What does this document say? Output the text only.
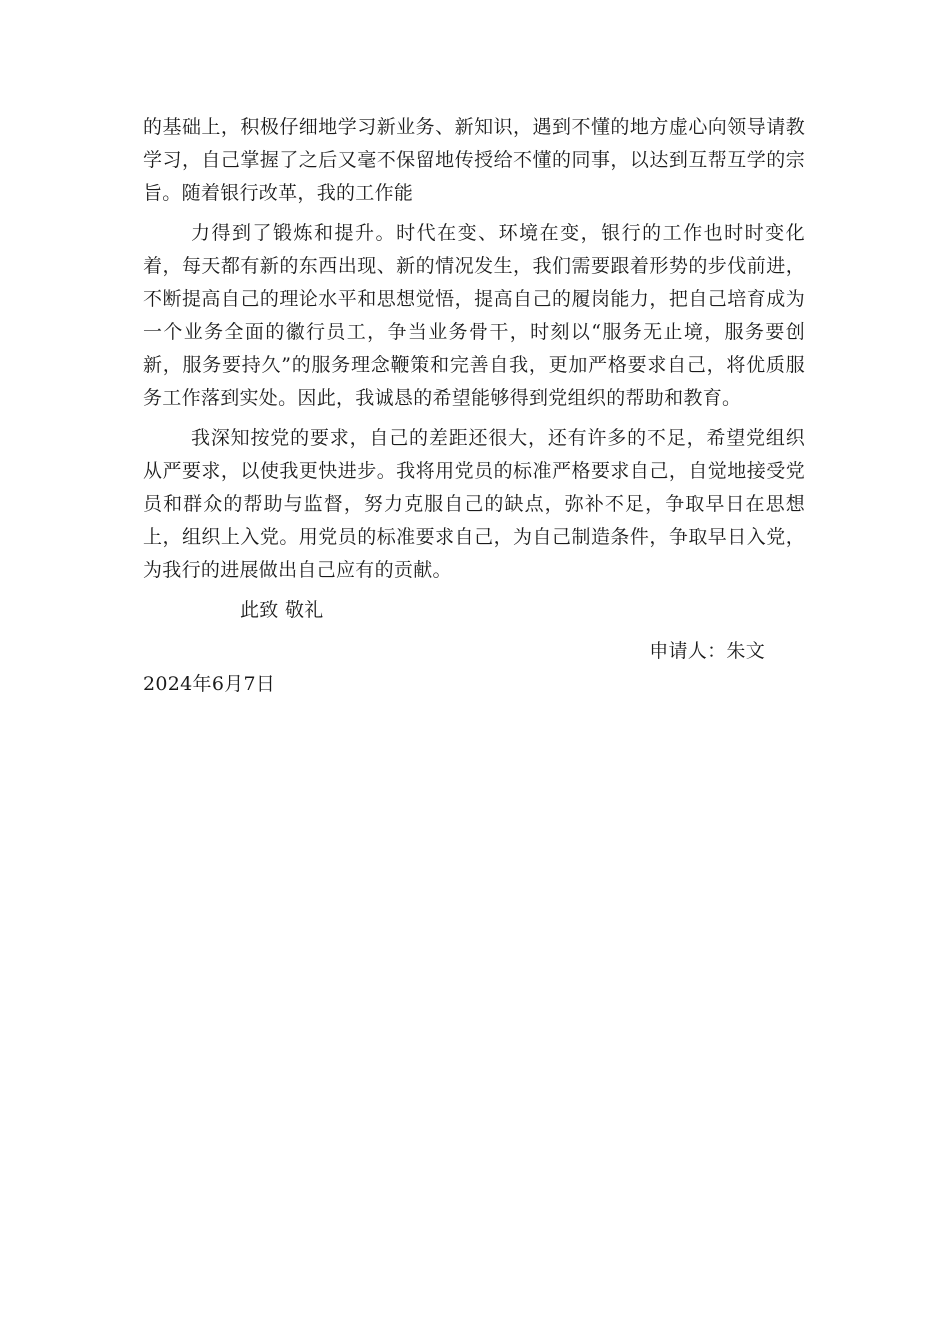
的基础上，积极仔细地学习新业务、新知识，遇到不懂的地方虚心向领导请教学习，自己掌握了之后又毫不保留地传授给不懂的同事，以达到互帮互学的宗旨。随着银行改革，我的工作能

力得到了锻炼和提升。时代在变、环境在变，银行的工作也时时变化着，每天都有新的东西出现、新的情况发生，我们需要跟着形势的步伐前进，不断提高自己的理论水平和思想觉悟，提高自己的履岗能力，把自己培育成为一个业务全面的徽行员工，争当业务骨干，时刻以“服务无止境，服务要创新，服务要持久”的服务理念鞭策和完善自我，更加严格要求自己，将优质服务工作落到实处。因此，我诚恳的希望能够得到党组织的帮助和教育。

我深知按党的要求，自己的差距还很大，还有许多的不足，希望党组织从严要求，以使我更快进步。我将用党员的标准严格要求自己，自觉地接受党员和群众的帮助与监督，努力克服自己的缺点，弥补不足，争取早日在思想上，组织上入党。用党员的标准要求自己，为自己制造条件，争取早日入党，为我行的进展做出自己应有的贡献。

此致 敬礼

申请人：朱文

2024年6月7日
